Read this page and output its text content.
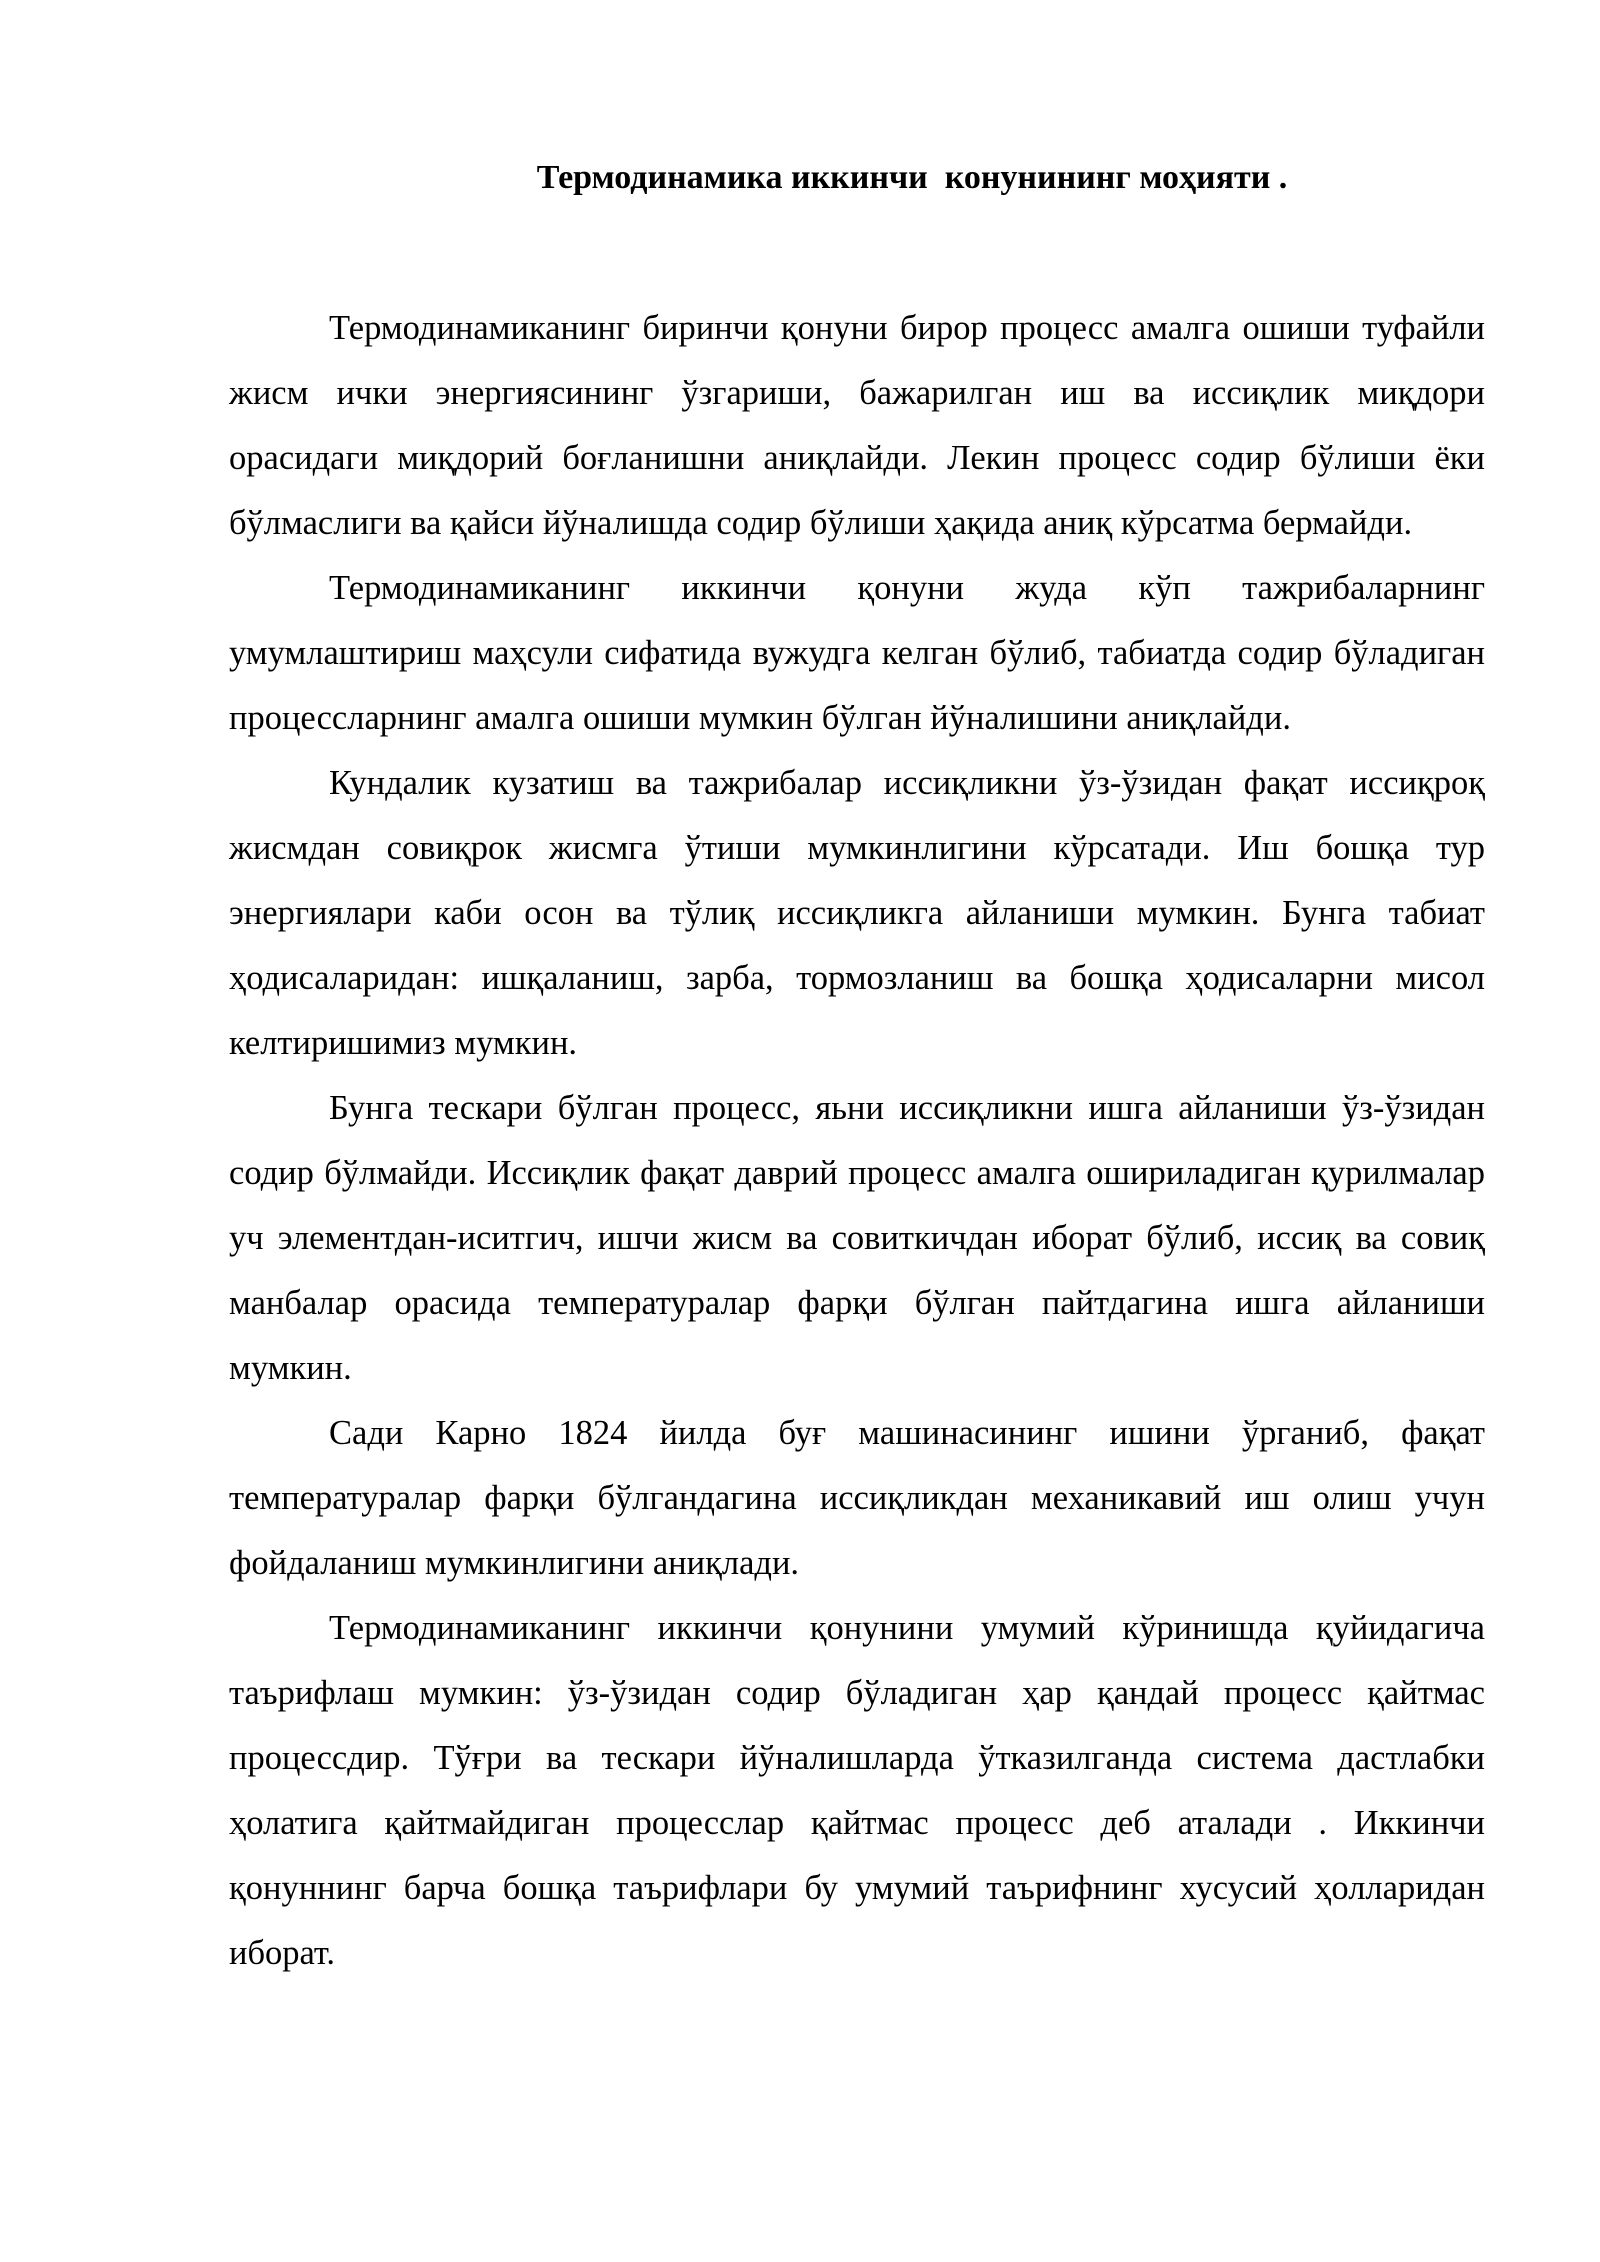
Термодинамика иккинчи  конунининг моҳияти .

Термодинамиканинг биринчи қонуни бирор процесс амалга ошиши туфайли жисм ички энергиясининг ўзгариши, бажарилган иш ва иссиқлик миқдори орасидаги миқдорий боғланишни аниқлайди. Лекин процесс содир бўлиши ёки бўлмаслиги ва қайси йўналишда содир бўлиши ҳақида аниқ кўрсатма бермайди.

Термодинамиканинг иккинчи қонуни жуда кўп тажрибаларнинг умумлаштириш маҳсули сифатида вужудга келган бўлиб, табиатда содир бўладиган процессларнинг амалга ошиши мумкин бўлган йўналишини аниқлайди.

Кундалик кузатиш ва тажрибалар иссиқликни ўз-ўзидан фақат иссиқроқ жисмдан совиқрок жисмга ўтиши мумкинлигини кўрсатади. Иш бошқа тур энергиялари каби осон ва тўлиқ иссиқликга айланиши мумкин. Бунга табиат ҳодисаларидан: ишқаланиш, зарба, тормозланиш ва бошқа ҳодисаларни мисол келтиришимиз мумкин.

Бунга тескари бўлган процесс, яьни иссиқликни ишга айланиши ўз-ўзидан содир бўлмайди. Иссиқлик фақат даврий процесс амалга ошириладиган қурилмалар уч элементдан-иситгич, ишчи жисм ва совиткичдан иборат бўлиб, иссиқ ва совиқ манбалар орасида температуралар фарқи бўлган пайтдагина ишга айланиши мумкин.

Сади Карно 1824 йилда буғ машинасининг ишини ўрганиб, фақат температуралар фарқи бўлгандагина иссиқликдан механикавий иш олиш учун фойдаланиш мумкинлигини аниқлади.

Термодинамиканинг иккинчи қонунини умумий кўринишда қуйидагича таърифлаш мумкин: ўз-ўзидан содир бўладиган ҳар қандай процесс қайтмас процессдир. Тўғри ва тескари йўналишларда ўтказилганда система дастлабки ҳолатига қайтмайдиган процесслар қайтмас процесс деб аталади . Иккинчи қонуннинг барча бошқа таърифлари бу умумий таърифнинг хусусий ҳолларидан иборат.
